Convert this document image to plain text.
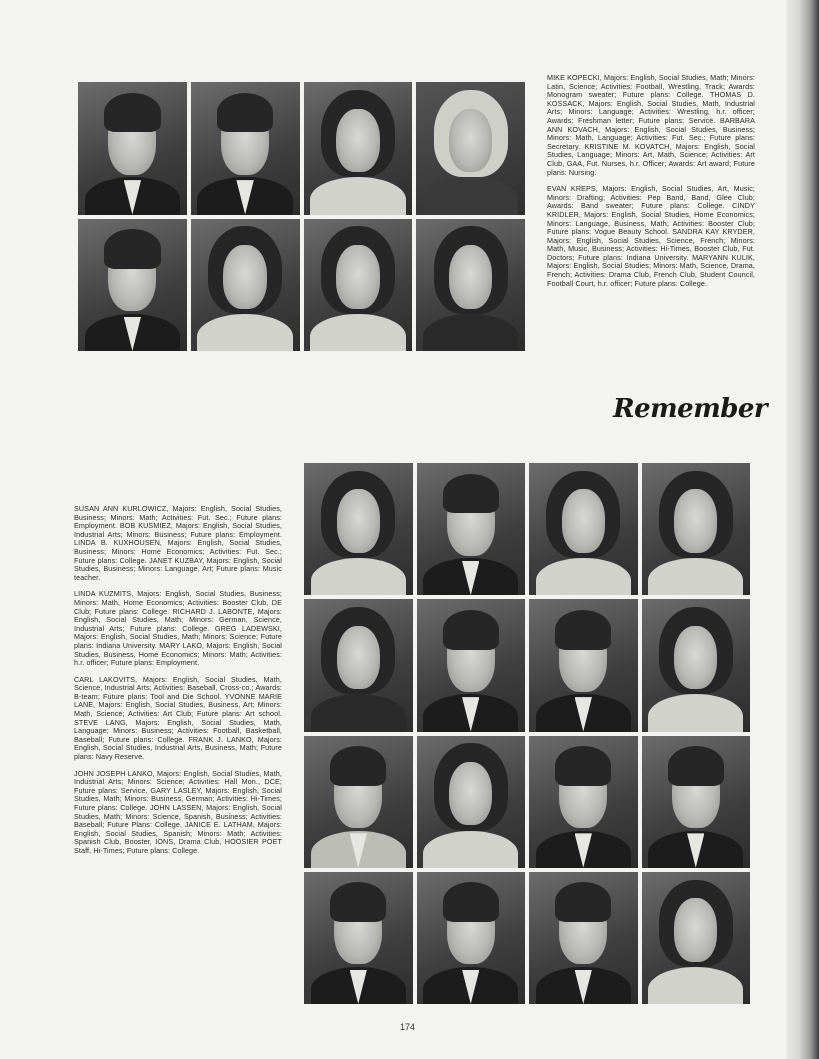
MIKE KOPECKI, Majors: English, Social Studies, Math; Minors: Latin, Science; Activities: Football, Wrestling, Track; Awards: Monogram sweater; Future plans: College. THOMAS D. KOSSACK, Majors: English, Social Studies, Math, Industrial Arts; Minors: Language; Activities: Wrestling, h.r. officer; Awards: Freshman letter; Future plans: Service. BARBARA ANN KOVACH, Majors: English, Social Studies, Business; Minors: Math, Language; Activities: Fut. Sec.; Future plans: Secretary. KRISTINE M. KOVATCH, Majors: English, Social Studies, Language; Minors: Art, Math, Science; Activities: Art Club, GAA, Fut. Nurses, h.r. Officer; Awards: Art award; Future plans: Nursing.

EVAN KREPS, Majors: English, Social Studies, Art, Music; Minors: Drafting; Activities: Pep Band, Band, Glee Club; Awards: Band sweater; Future plans: College. CINDY KRIDLER, Majors: English, Social Studies, Home Economics; Minors: Language, Business, Math; Activities: Booster Club; Future plans: Vogue Beauty School. SANDRA KAY KRYDER, Majors: English, Social Studies, Science, French; Minors: Math, Music, Business; Activities: Hi-Times, Booster Club, Fut. Doctors; Future plans: Indiana University. MARYANN KULIK, Majors: English, Social Studies; Minors: Math, Science, Drama, French; Activities: Drama Club, French Club, Student Council, Football Court, h.r. officer; Future plans: College.

Remember

SUSAN ANN KURLOWICZ, Majors: English, Social Studies, Business; Minors: Math; Activities: Fut. Sec.; Future plans: Employment. BOB KUSMIEZ, Majors: English, Social Studies, Industrial Arts; Minors: Business; Future plans: Employment. LINDA B. KUXHOUSEN, Majors: English, Social Studies, Business; Minors: Home Economics; Activities: Fut. Sec.; Future plans: College. JANET KUZBAY, Majors: English, Social Studies, Business; Minors: Language, Art; Future plans: Music teacher.

LINDA KUZMITS, Majors: English, Social Studies, Business; Minors: Math, Home Economics; Activities: Booster Club, DE Club; Future plans: College. RICHARD J. LABONTE, Majors: English, Social Studies, Math; Minors: German, Science, Industrial Arts; Future plans: College. GREG LADEWSKI, Majors: English, Social Studies, Math; Minors: Science; Future plans: Indiana University. MARY LAKO, Majors: English, Social Studies, Business, Home Economics; Minors: Math; Activities: h.r. officer; Future plans: Employment.

CARL LAKOVITS, Majors: English, Social Studies, Math, Science, Industrial Arts; Activities: Baseball, Cross-co.; Awards: B-team; Future plans: Tool and Die School. YVONNE MARIE LANE, Majors: English, Social Studies, Business, Art; Minors: Math, Science; Activities: Art Club; Future plans: Art school. STEVE LANG, Majors: English, Social Studies, Math, Language; Minors: Business; Activities: Football, Basketball, Baseball; Future plans: College. FRANK J. LANKO, Majors: English, Social Studies, Industrial Arts, Business, Math; Future plans: Navy Reserve.

JOHN JOSEPH LANKO, Majors: English, Social Studies, Math, Industrial Arts; Minors: Science; Activities: Hall Mon., DCE; Future plans: Service. GARY LASLEY, Majors: English, Social Studies, Math; Minors: Business, German; Activities: Hi-Times; Future plans: College. JOHN LASSEN, Majors: English, Social Studies, Math; Minors: Science, Spanish, Business; Activities: Baseball; Future Plans: College. JANICE E. LATHAM, Majors: English, Social Studies, Spanish; Minors: Math; Activities: Spanish Club, Booster, IONS, Drama Club, HOOSIER POET Staff, Hi-Times; Future plans: College.

174
